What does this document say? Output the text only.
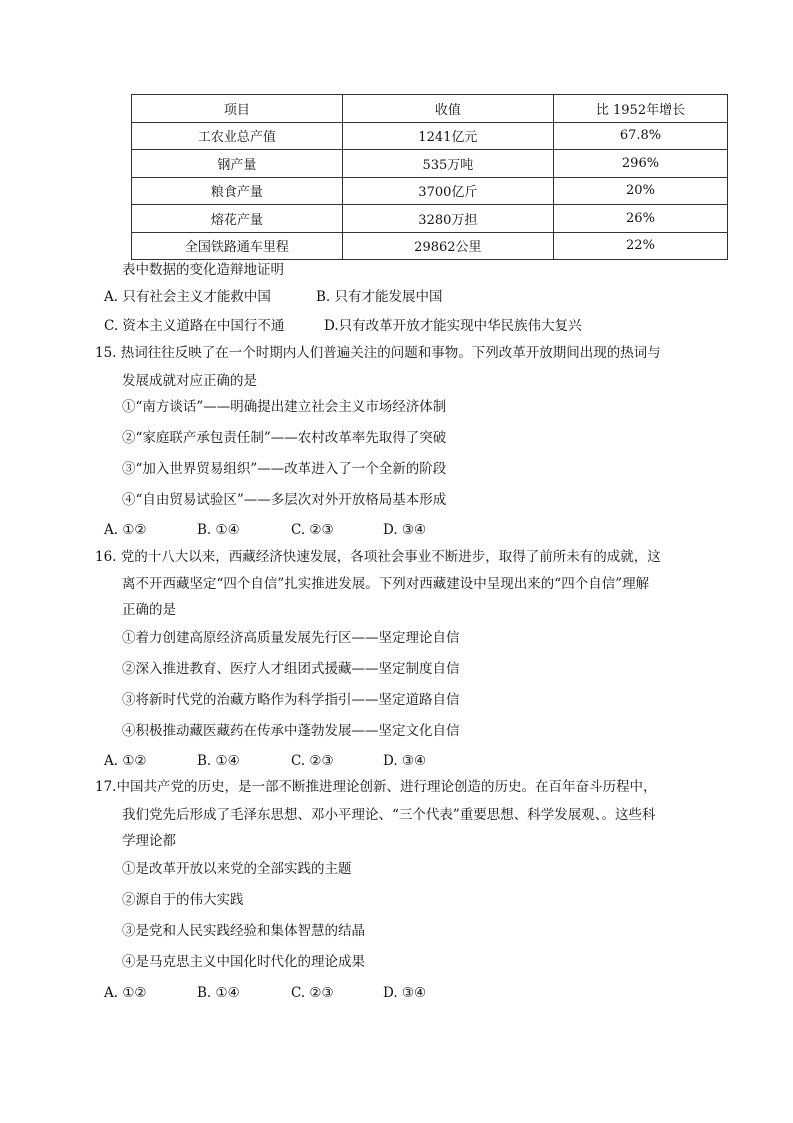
项目	收值	比 1952年增长
工农业总产值	1241亿元	67.8%
钢产量	535万吨	296%
粮食产量	3700亿斤	20%
熔花产量	3280万担	26%
全国铁路通车里程	29862公里	22%
表中数据的变化造辩地证明
A. 只有社会主义才能救中国	B. 只有才能发展中国
C. 资本主义道路在中国行不通	D.只有改革开放才能实现中华民族伟大复兴
15. 热词往往反映了在一个时期内人们普遍关注的问题和事物。下列改革开放期间出现的热词与
发展成就对应正确的是
①“南方谈话”——明确提出建立社会主义市场经济体制
②“家庭联产承包责任制”——农村改革率先取得了突破
③“加入世界贸易组织”——改革进入了一个全新的阶段
④“自由贸易试验区”——多层次对外开放格局基本形成
A. ①②	B. ①④	C. ②③	D. ③④
16. 党的十八大以来，西藏经济快速发展，各项社会事业不断进步，取得了前所未有的成就，这
离不开西藏坚定“四个自信”扎实推进发展。下列对西藏建设中呈现出来的“四个自信”理解
正确的是
①着力创建高原经济高质量发展先行区——坚定理论自信
②深入推进教育、医疗人才组团式援藏——坚定制度自信
③将新时代党的治藏方略作为科学指引——坚定道路自信
④积极推动藏医藏药在传承中蓬勃发展——坚定文化自信
A. ①②	B. ①④	C. ②③	D. ③④
17.中国共产党的历史，是一部不断推进理论创新、进行理论创造的历史。在百年奋斗历程中，
我们党先后形成了毛泽东思想、邓小平理论、“三个代表”重要思想、科学发展观、。这些科
学理论都
①是改革开放以来党的全部实践的主题
②源自于的伟大实践
③是党和人民实践经验和集体智慧的结晶
④是马克思主义中国化时代化的理论成果
A. ①②	B. ①④	C. ②③	D. ③④
